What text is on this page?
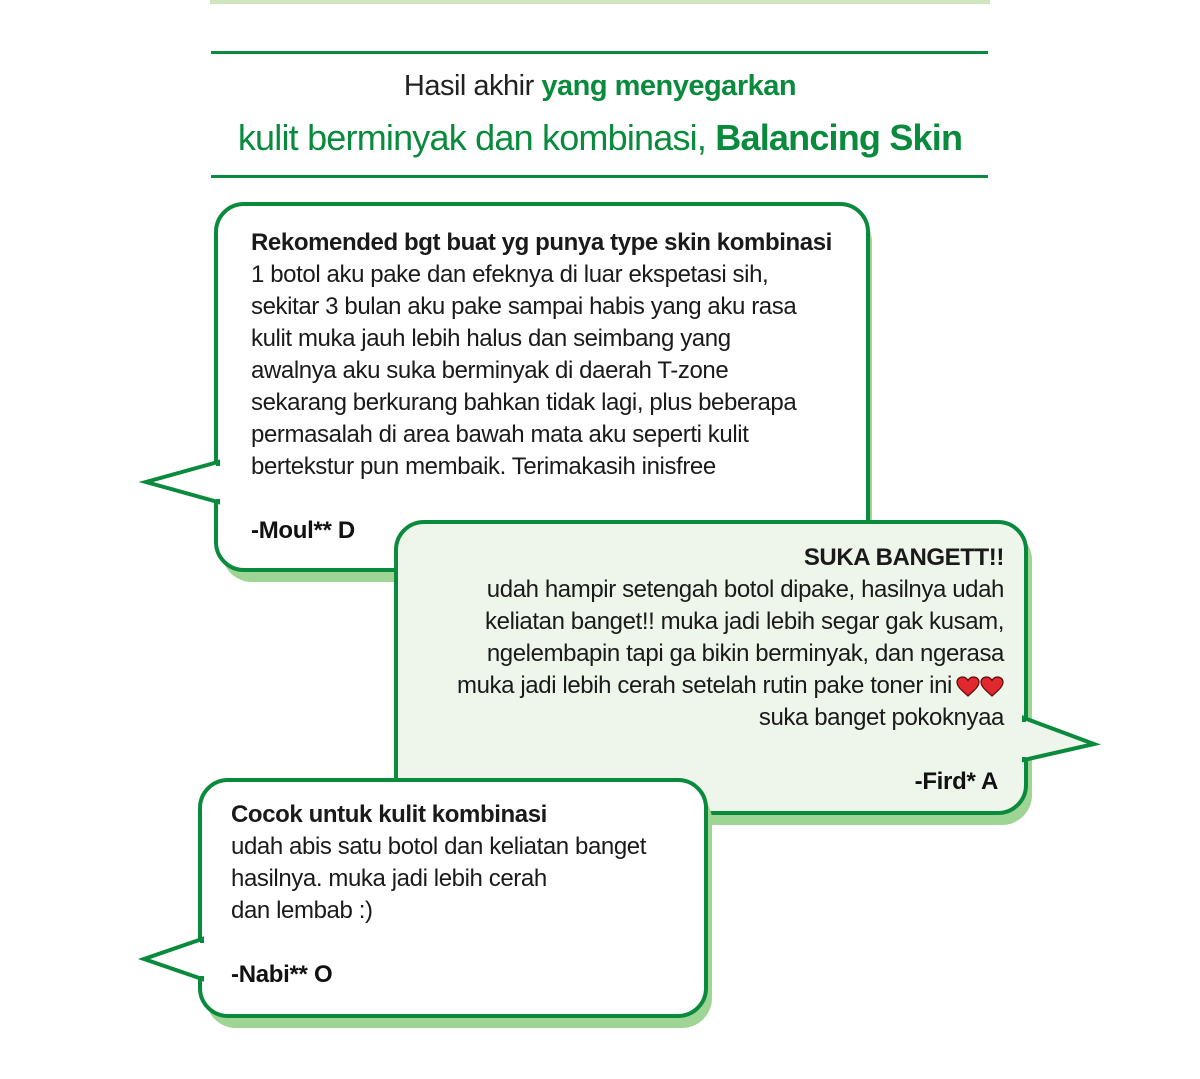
Hasil akhir yang menyegarkan
kulit berminyak dan kombinasi, Balancing Skin
Rekomended bgt buat yg punya type skin kombinasi
1 botol aku pake dan efeknya di luar ekspetasi sih,
sekitar 3 bulan aku pake sampai habis yang aku rasa
kulit muka jauh lebih halus dan seimbang yang
awalnya aku suka berminyak di daerah T-zone
sekarang berkurang bahkan tidak lagi, plus beberapa
permasalah di area bawah mata aku seperti kulit
bertekstur pun membaik. Terimakasih inisfree
-Moul** D
SUKA BANGETT!!
udah hampir setengah botol dipake, hasilnya udah
keliatan banget!! muka jadi lebih segar gak kusam,
ngelembapin tapi ga bikin berminyak, dan ngerasa
muka jadi lebih cerah setelah rutin pake toner ini
suka banget pokoknyaa
-Fird* A
Cocok untuk kulit kombinasi
udah abis satu botol dan keliatan banget
hasilnya. muka jadi lebih cerah
dan lembab :)
-Nabi** O
